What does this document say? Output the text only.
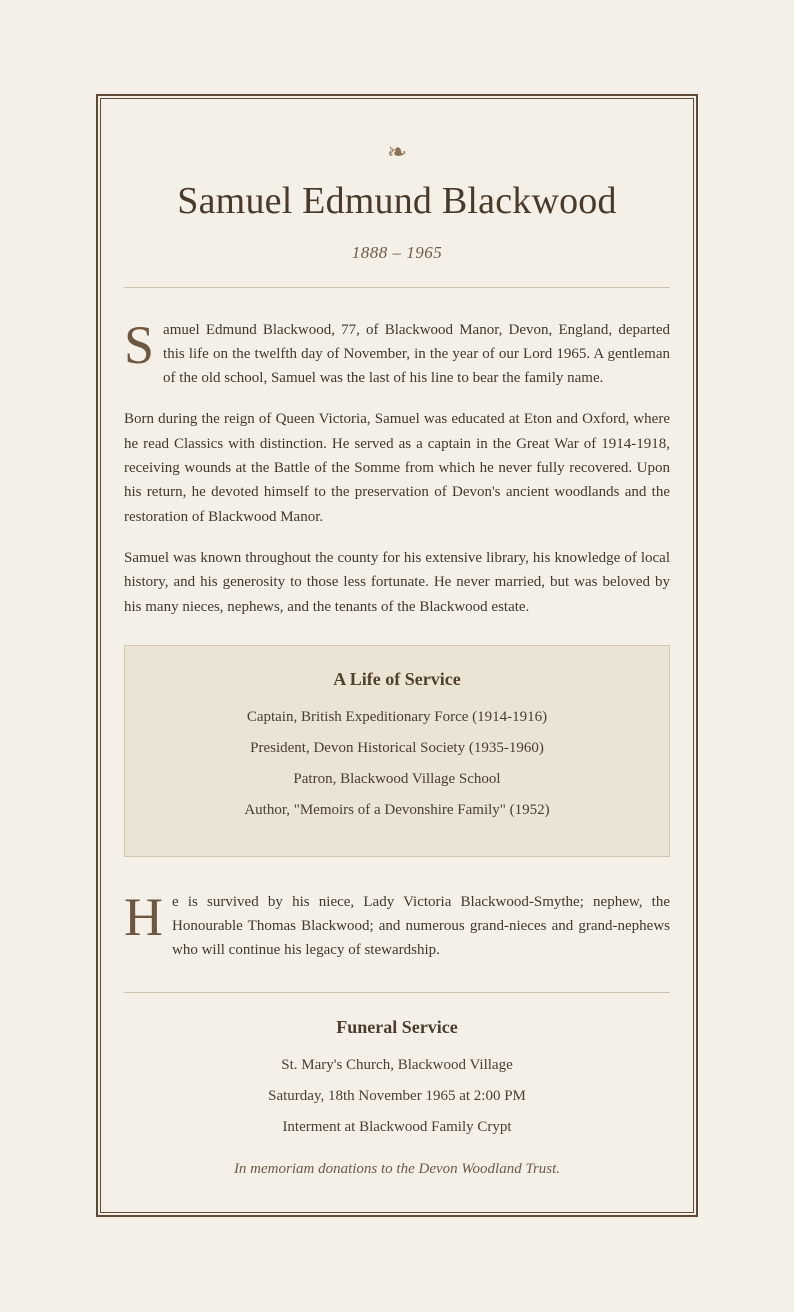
❧
Samuel Edmund Blackwood
1888 – 1965

Samuel Edmund Blackwood, 77, of Blackwood Manor, Devon, England, departed this life on the twelfth day of November, in the year of our Lord 1965. A gentleman of the old school, Samuel was the last of his line to bear the family name.

Born during the reign of Queen Victoria, Samuel was educated at Eton and Oxford, where he read Classics with distinction. He served as a captain in the Great War of 1914-1918, receiving wounds at the Battle of the Somme from which he never fully recovered. Upon his return, he devoted himself to the preservation of Devon's ancient woodlands and the restoration of Blackwood Manor.

Samuel was known throughout the county for his extensive library, his knowledge of local history, and his generosity to those less fortunate. He never married, but was beloved by his many nieces, nephews, and the tenants of the Blackwood estate.

A Life of Service

Captain, British Expeditionary Force (1914-1916)

President, Devon Historical Society (1935-1960)

Patron, Blackwood Village School

Author, "Memoirs of a Devonshire Family" (1952)

He is survived by his niece, Lady Victoria Blackwood-Smythe; nephew, the Honourable Thomas Blackwood; and numerous grand-nieces and grand-nephews who will continue his legacy of stewardship.

Funeral Service

St. Mary's Church, Blackwood Village

Saturday, 18th November 1965 at 2:00 PM

Interment at Blackwood Family Crypt

In memoriam donations to the Devon Woodland Trust.
